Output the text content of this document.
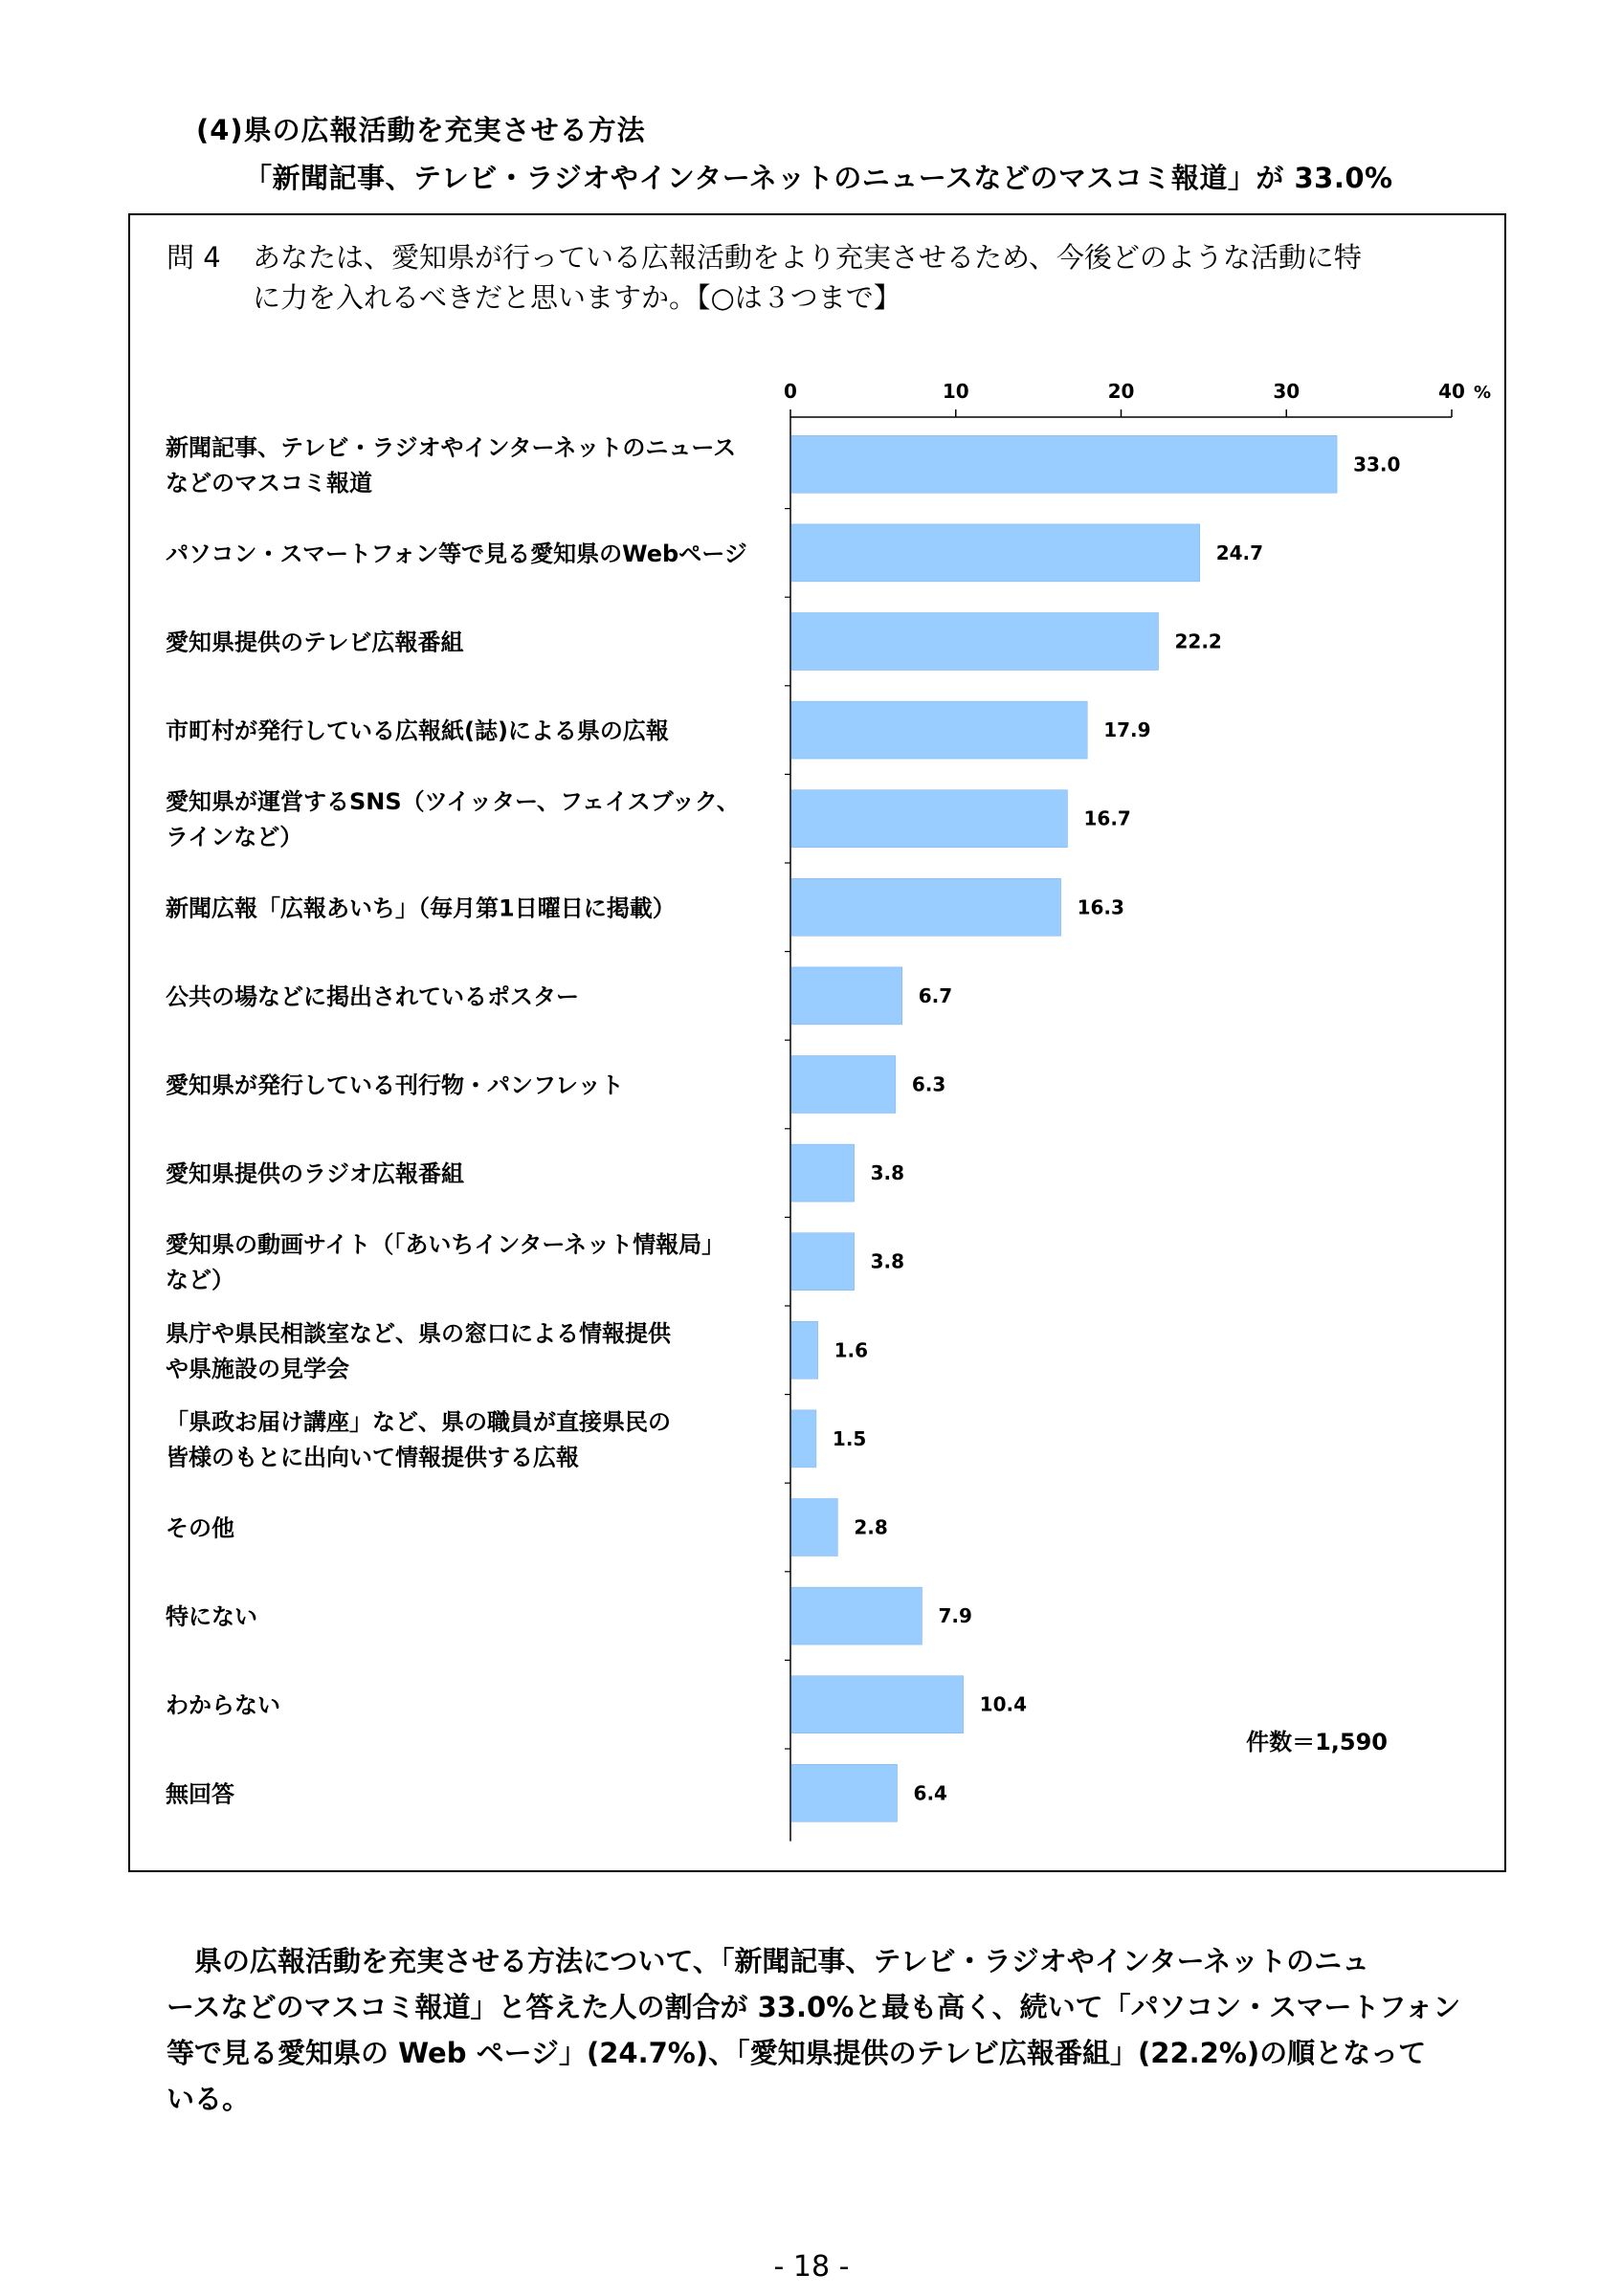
(4)県の広報活動を充実させる方法
「新聞記事、テレビ・ラジオやインターネットのニュースなどのマスコミ報道」が 33.0%
問 4 あなたは、愛知県が行っている広報活動をより充実させるため、今後どのような活動に特
に力を入れるべきだと思いますか。【○は３つまで】
0	10	20	30	40 %
33.0
新聞記事、テレビ・ラジオやインターネットのニュース
などのマスコミ報道
24.7
パソコン・スマートフォン等で見る愛知県のWebページ
22.2
愛知県提供のテレビ広報番組
17.9
市町村が発行している広報紙(誌)による県の広報
16.7
愛知県が運営するSNS（ツイッター、フェイスブック、
ラインなど）
16.3
新聞広報「広報あいち」（毎月第1日曜日に掲載）
6.7
公共の場などに掲出されているポスター
6.3
愛知県が発行している刊行物・パンフレット
3.8
愛知県提供のラジオ広報番組
3.8
愛知県の動画サイト（「あいちインターネット情報局」
など）
1.6
県庁や県民相談室など、県の窓口による情報提供
や県施設の見学会
1.5
「県政お届け講座」など、県の職員が直接県民の
皆様のもとに出向いて情報提供する広報
2.8
その他
7.9
特にない
10.4
わからない
6.4
無回答
件数＝1,590
　県の広報活動を充実させる方法について、「新聞記事、テレビ・ラジオやインターネットのニュ
ースなどのマスコミ報道」と答えた人の割合が 33.0%と最も高く、続いて「パソコン・スマートフォン
等で見る愛知県の Web ページ」(24.7%)、「愛知県提供のテレビ広報番組」(22.2%)の順となって
いる。
- 18 -
